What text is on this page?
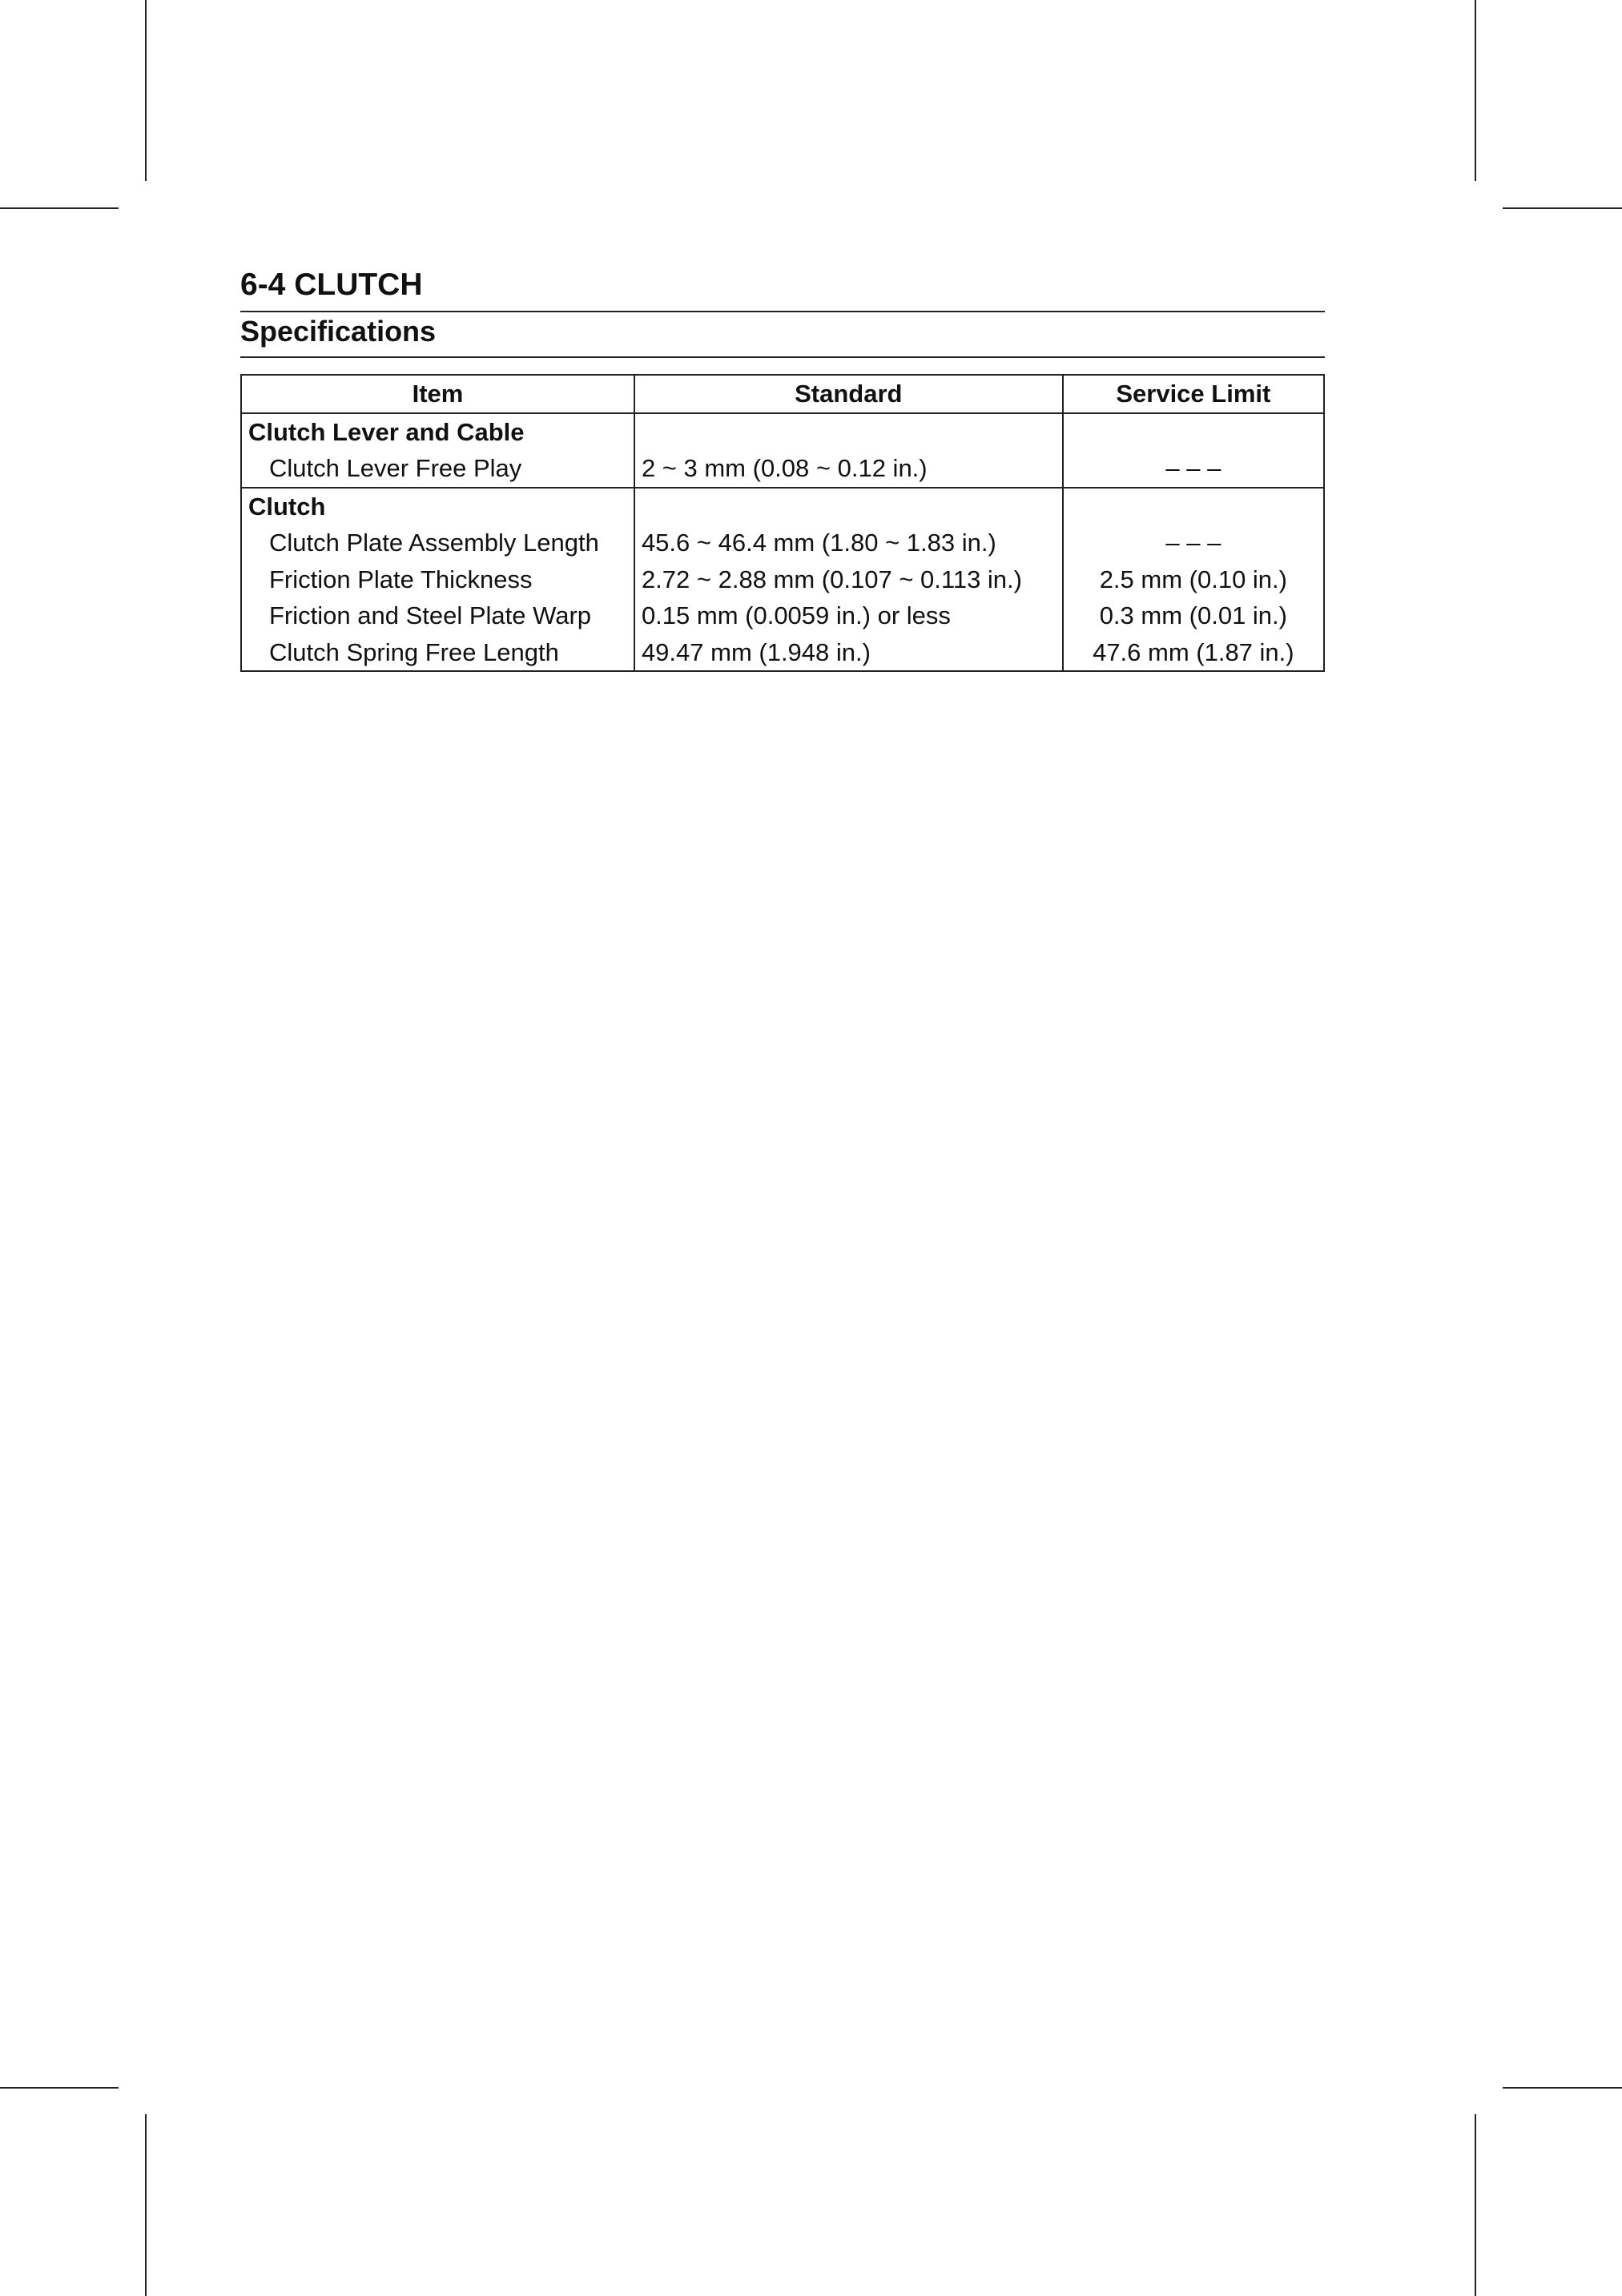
6-4 CLUTCH
Specifications
Item	Standard	Service Limit
Clutch Lever and Cable		
Clutch Lever Free Play	2 ~ 3 mm (0.08 ~ 0.12 in.)	– – –
Clutch		
Clutch Plate Assembly Length	45.6 ~ 46.4 mm (1.80 ~ 1.83 in.)	– – –
Friction Plate Thickness	2.72 ~ 2.88 mm (0.107 ~ 0.113 in.)	2.5 mm (0.10 in.)
Friction and Steel Plate Warp	0.15 mm (0.0059 in.) or less	0.3 mm (0.01 in.)
Clutch Spring Free Length	49.47 mm (1.948 in.)	47.6 mm (1.87 in.)
